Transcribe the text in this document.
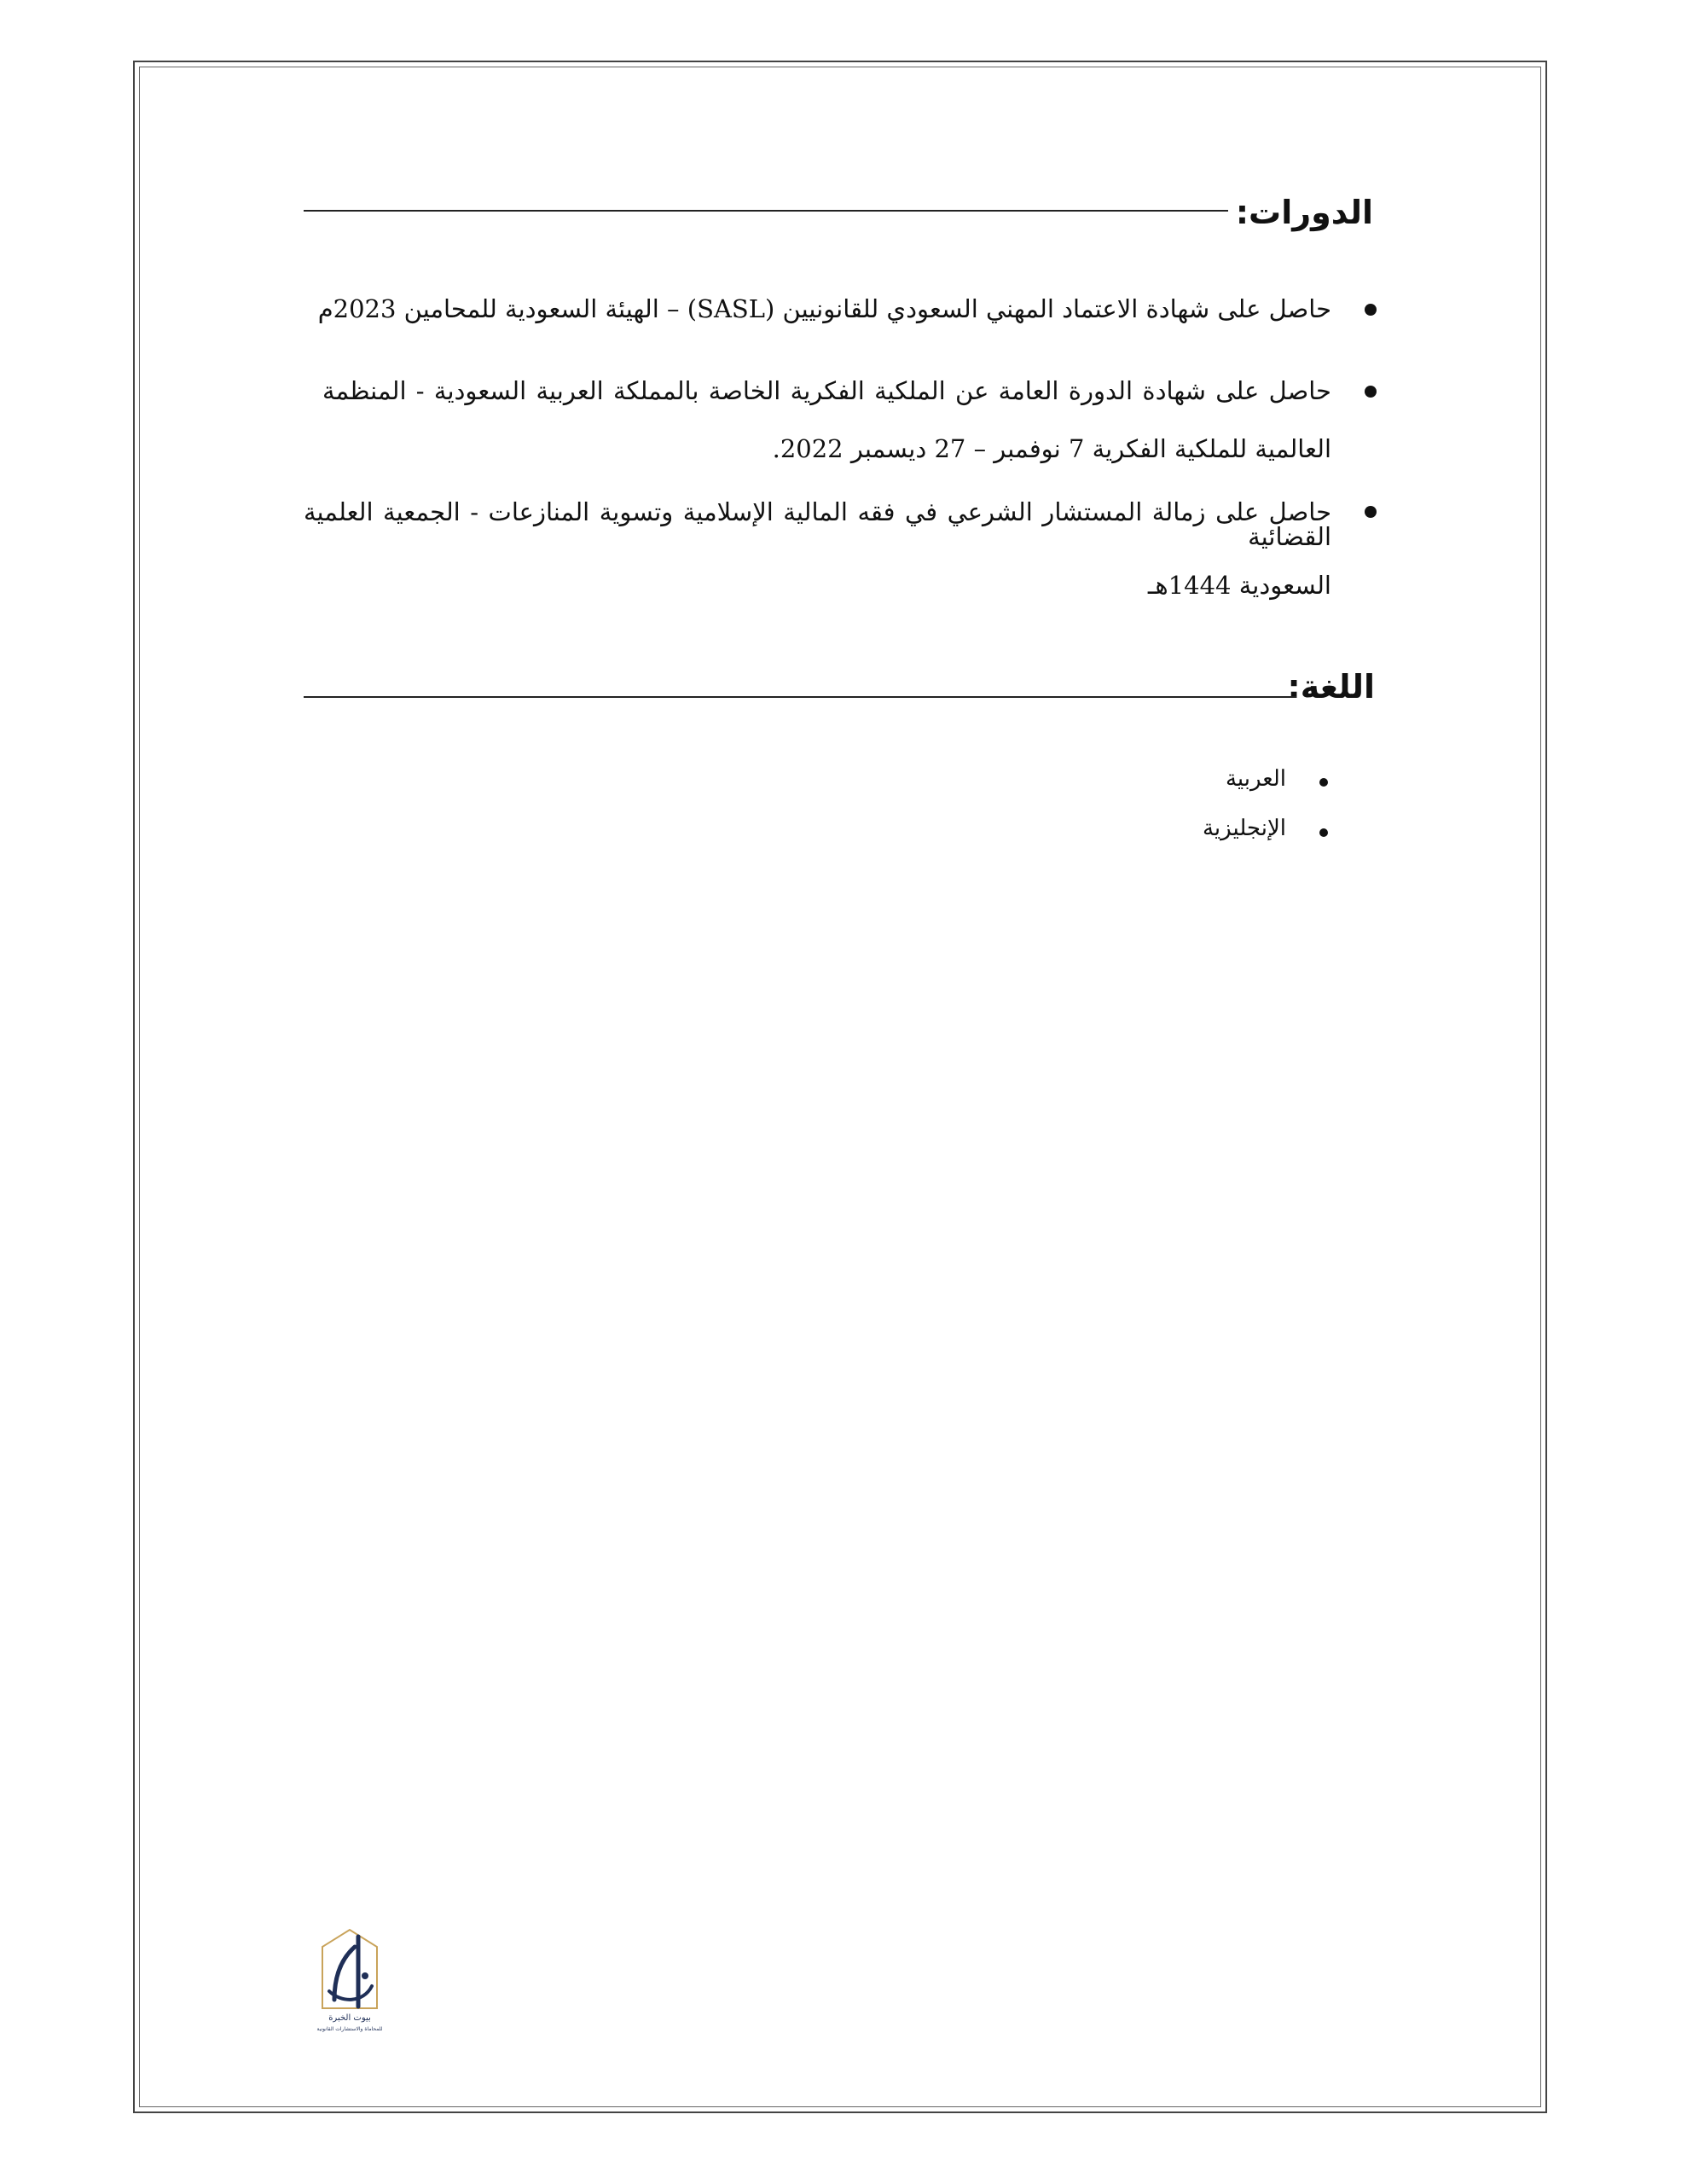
الدورات:
حاصل على شهادة الاعتماد المهني السعودي للقانونيين (SASL) – الهيئة السعودية للمحامين 2023م
حاصل على شهادة الدورة العامة عن الملكية الفكرية الخاصة بالمملكة العربية السعودية - المنظمة
العالمية للملكية الفكرية 7 نوفمبر – 27 ديسمبر 2022.
حاصل على زمالة المستشار الشرعي في فقه المالية الإسلامية وتسوية المنازعات - الجمعية العلمية القضائية
السعودية 1444هـ
اللغة:
العربية
الإنجليزية
بيوت الخبرة
للمحاماة والاستشارات القانونية
